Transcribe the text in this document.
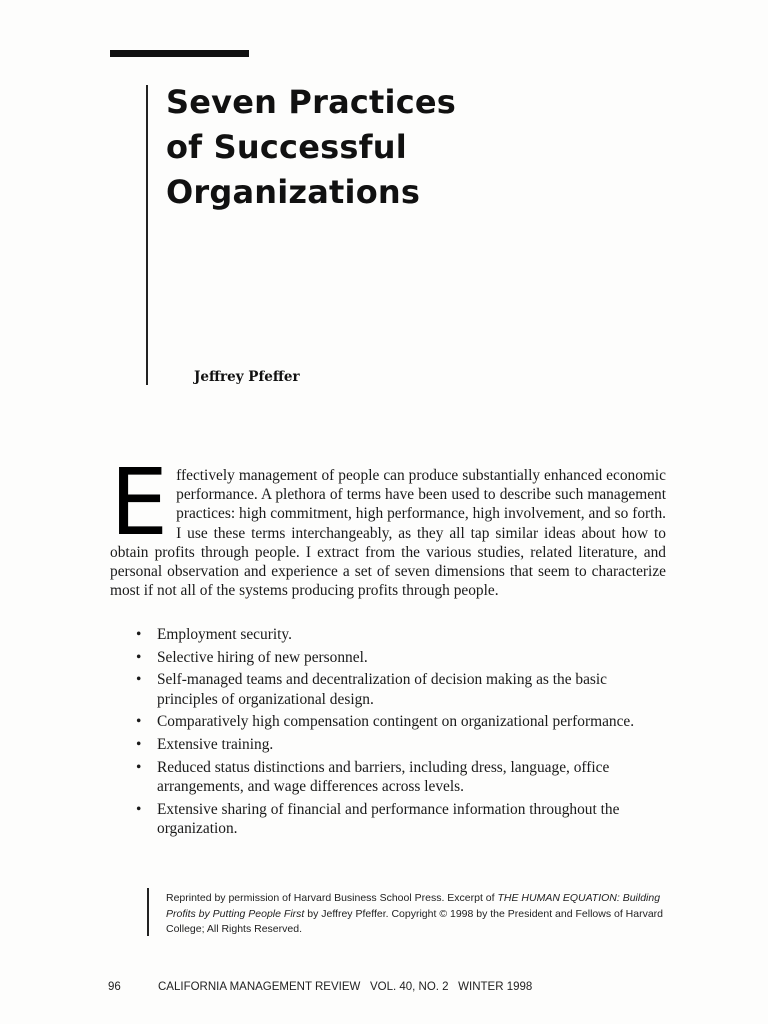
Seven Practices
of Successful
Organizations
Jeffrey Pfeffer

Effectively management of people can produce substantially enhanced economic performance. A plethora of terms have been used to describe such management practices: high commitment, high performance, high involvement, and so forth. I use these terms interchangeably, as they all tap similar ideas about how to obtain profits through people. I extract from the various studies, related literature, and personal observation and experience a set of seven dimensions that seem to characterize most if not all of the systems producing profits through people.

• Employment security.
• Selective hiring of new personnel.
• Self-managed teams and decentralization of decision making as the basic principles of organizational design.
• Comparatively high compensation contingent on organizational performance.
• Extensive training.
• Reduced status distinctions and barriers, including dress, language, office arrangements, and wage differences across levels.
• Extensive sharing of financial and performance information throughout the organization.
Reprinted by permission of Harvard Business School Press. Excerpt of THE HUMAN EQUATION: Building Profits by Putting People First by Jeffrey Pfeffer. Copyright © 1998 by the President and Fellows of Harvard College; All Rights Reserved.
96	CALIFORNIA MANAGEMENT REVIEW VOL. 40, NO. 2 WINTER 1998
